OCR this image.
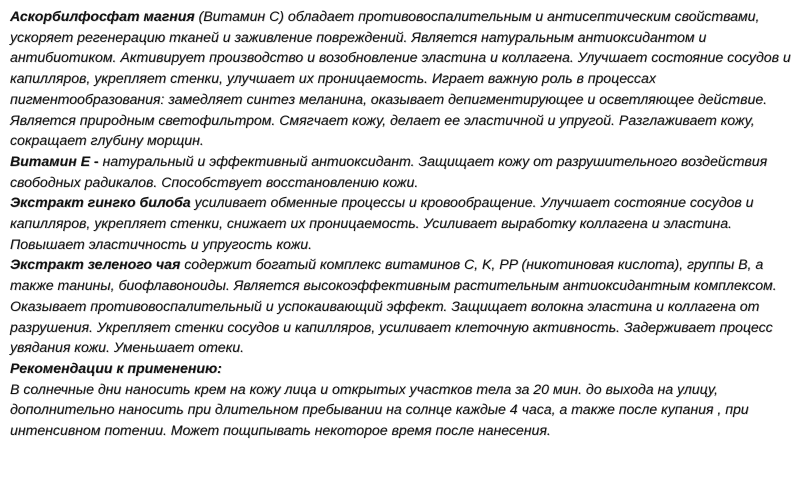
Аскорбилфосфат магния (Витамин С) обладает противовоспалительным и антисептическим свойствами, ускоряет регенерацию тканей и заживление повреждений. Является натуральным антиоксидантом и антибиотиком. Активирует производство и возобновление эластина и коллагена. Улучшает состояние сосудов и капилляров, укрепляет стенки, улучшает их проницаемость. Играет важную роль в процессах пигментообразования: замедляет синтез меланина, оказывает депигментирующее и осветляющее действие. Является природным светофильтром. Смягчает кожу, делает ее эластичной и упругой. Разглаживает кожу, сокращает глубину морщин.

Витамин Е - натуральный и эффективный антиоксидант. Защищает кожу от разрушительного воздействия свободных радикалов. Способствует восстановлению кожи.

Экстракт гингко билоба усиливает обменные процессы и кровообращение. Улучшает состояние сосудов и капилляров, укрепляет стенки, снижает их проницаемость. Усиливает выработку коллагена и эластина. Повышает эластичность и упругость кожи.

Экстракт зеленого чая содержит богатый комплекс витаминов С, K, PP (никотиновая кислота), группы В, а также танины, биофлавоноиды. Является высокоэффективным растительным антиоксидантным комплексом. Оказывает противовоспалительный и успокаивающий эффект. Защищает волокна эластина и коллагена от разрушения. Укрепляет стенки сосудов и капилляров, усиливает клеточную активность. Задерживает процесс увядания кожи. Уменьшает отеки.

Рекомендации к применению:

В солнечные дни наносить крем на кожу лица и открытых участков тела за 20 мин. до выхода на улицу, дополнительно наносить при длительном пребывании на солнце каждые 4 часа, а также после купания , при интенсивном потении. Может пощипывать некоторое время после нанесения.
